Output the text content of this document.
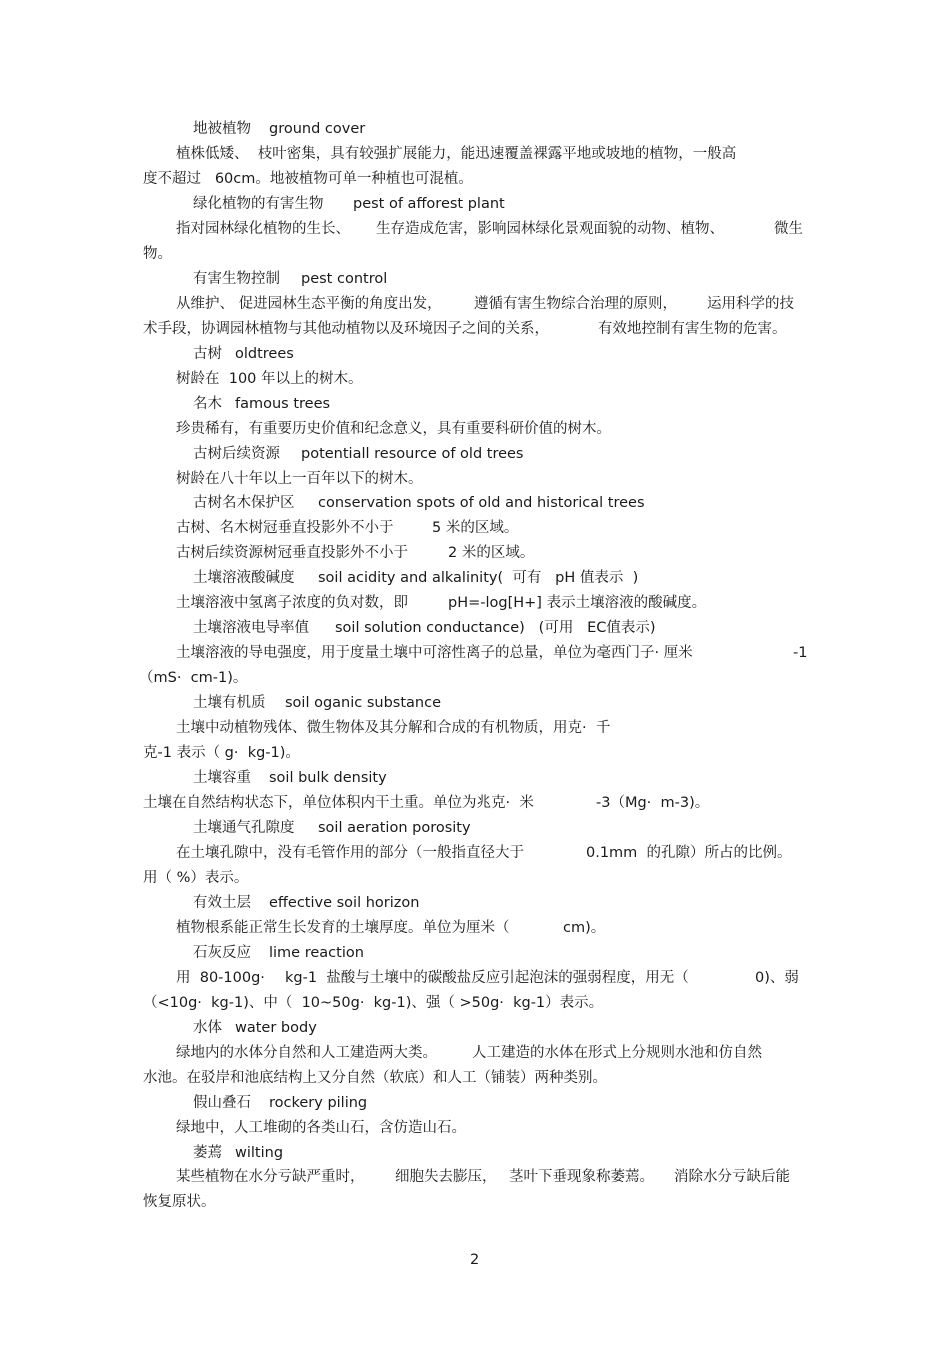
地被植物 ground cover
植株低矮、  枝叶密集，具有较强扩展能力，能迅速覆盖裸露平地或坡地的植物，一般高
度不超过   60cm。地被植物可单一种植也可混植。
绿化植物的有害生物 pest of afforest plant
指对园林绿化植物的生长、 生存造成危害，影响园林绿化景观面貌的动物、植物、	微生
物。
有害生物控制 pest control
从维护、 促进园林生态平衡的角度出发， 遵循有害生物综合治理的原则， 运用科学的技
术手段，协调园林植物与其他动植物以及环境因子之间的关系，	有效地控制有害生物的危害。
古树 oldtrees
树龄在  100 年以上的树木。
名木 famous trees
珍贵稀有，有重要历史价值和纪念意义，具有重要科研价值的树木。
古树后续资源 potentiall resource of old trees
树龄在八十年以上一百年以下的树木。
古树名木保护区 conservation spots of old and historical trees
古树、名木树冠垂直投影外不小于	5 米的区域。
古树后续资源树冠垂直投影外不小于	2 米的区域。
土壤溶液酸碱度 soil acidity and alkalinity(  可有   pH 值表示  )
土壤溶液中氢离子浓度的负对数，即	pH=-log[H+] 表示土壤溶液的酸碱度。
土壤溶液电导率值 soil solution conductance)   (可用   EC值表示)
土壤溶液的导电强度，用于度量土壤中可溶性离子的总量，单位为毫西门子· 厘米	-1
（mS·  cm-1)。
土壤有机质 soil oganic substance
土壤中动植物残体、微生物体及其分解和合成的有机物质，用克·  千
克-1 表示（ g·  kg-1)。
土壤容重 soil bulk density
土壤在自然结构状态下，单位体积内干土重。单位为兆克·  米	-3（Mg·  m-3)。
土壤通气孔隙度 soil aeration porosity
在土壤孔隙中，没有毛管作用的部分（一般指直径大于	0.1mm  的孔隙）所占的比例。
用（ %）表示。
有效土层 effective soil horizon
植物根系能正常生长发育的土壤厚度。单位为厘米（	cm)。
石灰反应 lime reaction
用  80-100g· kg-1  盐酸与土壤中的碳酸盐反应引起泡沫的强弱程度，用无（	0)、弱
（<10g·  kg-1)、中（  10~50g·  kg-1)、强（ >50g·  kg-1）表示。
水体 water body
绿地内的水体分自然和人工建造两大类。 人工建造的水体在形式上分规则水池和仿自然
水池。在驳岸和池底结构上又分自然（软底）和人工（铺装）两种类别。
假山叠石 rockery piling
绿地中，人工堆砌的各类山石，含仿造山石。
萎蔫 wilting
某些植物在水分亏缺严重时， 细胞失去膨压， 茎叶下垂现象称萎蔫。 消除水分亏缺后能
恢复原状。
2
